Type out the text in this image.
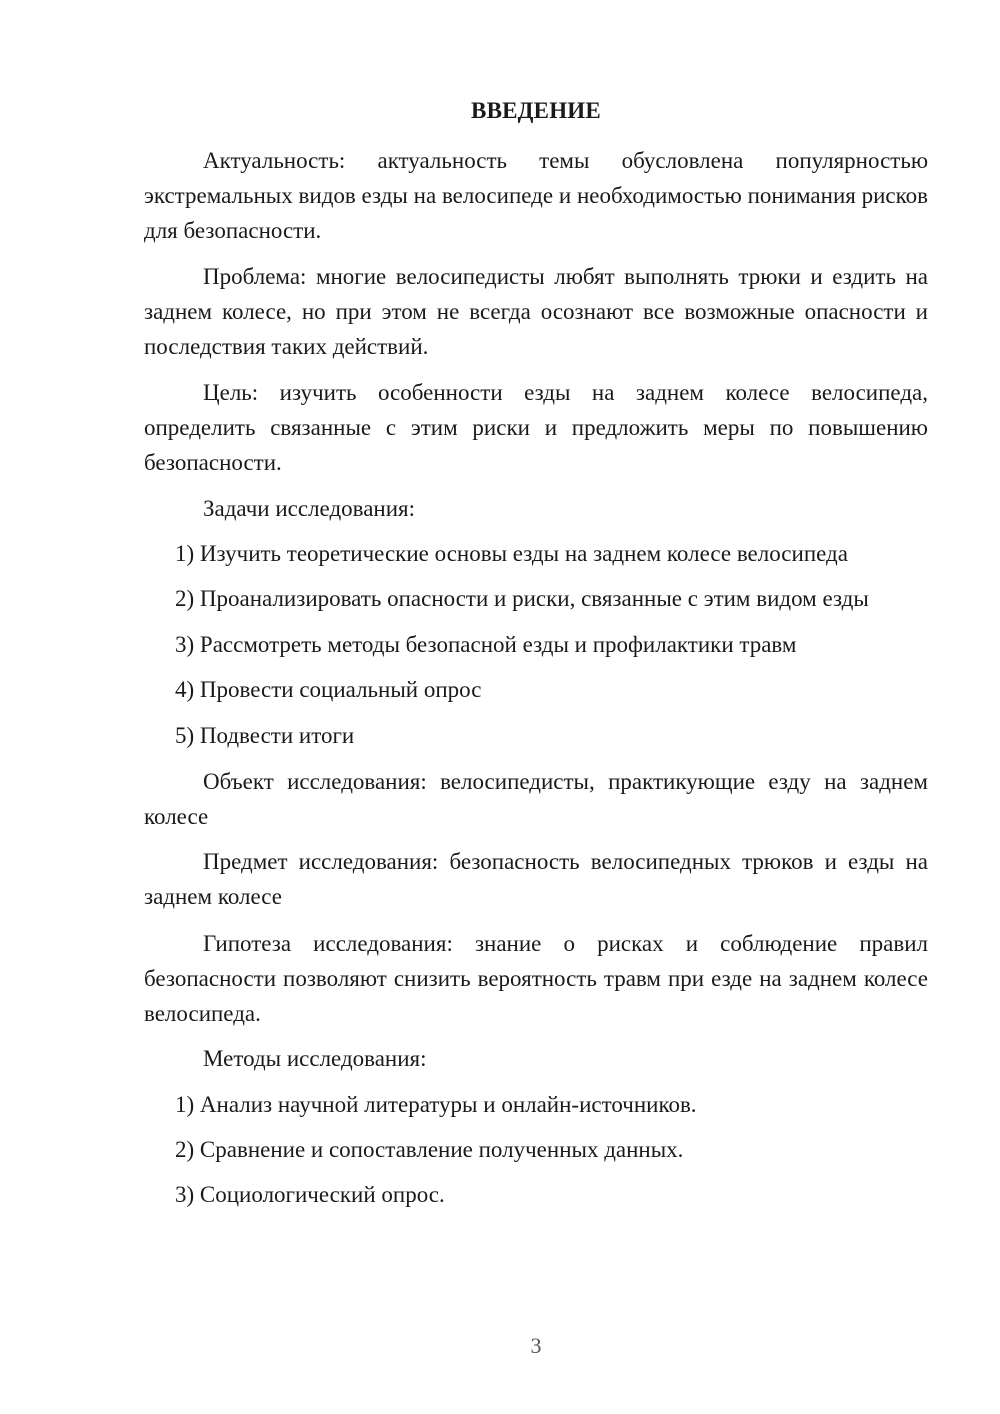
ВВЕДЕНИЕ

Актуальность: актуальность темы обусловлена популярностью экстремальных видов езды на велосипеде и необходимостью понимания рисков для безопасности.

Проблема: многие велосипедисты любят выполнять трюки и ездить на заднем колесе, но при этом не всегда осознают все возможные опасности и последствия таких действий.

Цель: изучить особенности езды на заднем колесе велосипеда, определить связанные с этим риски и предложить меры по повышению безопасности.

Задачи исследования:

1) Изучить теоретические основы езды на заднем колесе велосипеда

2) Проанализировать опасности и риски, связанные с этим видом езды

3) Рассмотреть методы безопасной езды и профилактики травм

4) Провести социальный опрос

5) Подвести итоги

Объект исследования: велосипедисты, практикующие езду на заднем колесе

Предмет исследования: безопасность велосипедных трюков и езды на заднем колесе

Гипотеза исследования: знание о рисках и соблюдение правил безопасности позволяют снизить вероятность травм при езде на заднем колесе велосипеда.

Методы исследования:

1) Анализ научной литературы и онлайн-источников.

2) Сравнение и сопоставление полученных данных.

3) Социологический опрос.

3
